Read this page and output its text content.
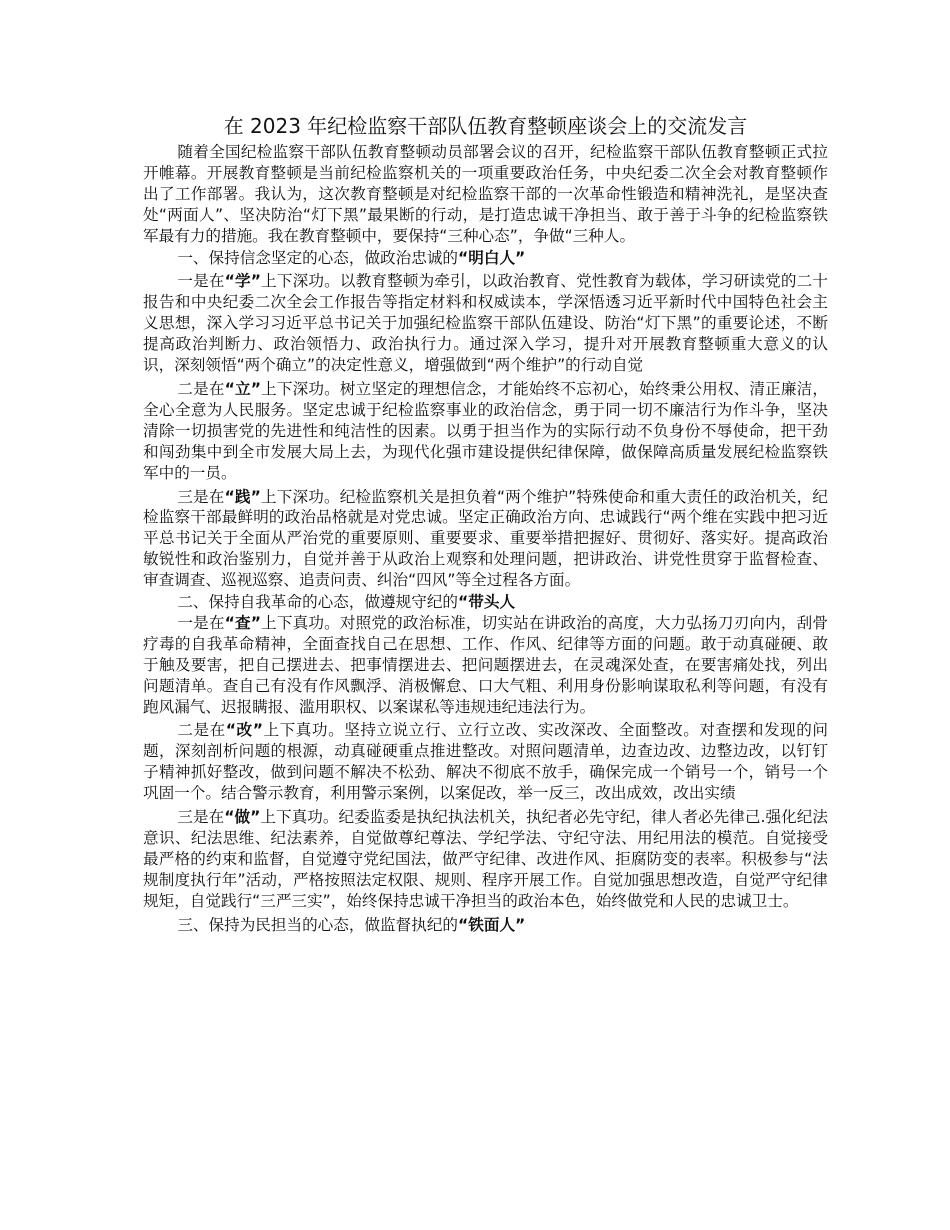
在 2023 年纪检监察干部队伍教育整顿座谈会上的交流发言

随着全国纪检监察干部队伍教育整顿动员部署会议的召开，纪检监察干部队伍教育整顿正式拉开帷幕。开展教育整顿是当前纪检监察机关的一项重要政治任务，中央纪委二次全会对教育整顿作出了工作部署。我认为，这次教育整顿是对纪检监察干部的一次革命性锻造和精神洗礼，是坚决查处“两面人”、坚决防治“灯下黑”最果断的行动，是打造忠诚干净担当、敢于善于斗争的纪检监察铁军最有力的措施。我在教育整顿中，要保持“三种心态”，争做“三种人。

一、保持信念坚定的心态，做政治忠诚的“明白人”

一是在“学”上下深功。以教育整顿为牵引，以政治教育、党性教育为载体，学习研读党的二十报告和中央纪委二次全会工作报告等指定材料和权威读本，学深悟透习近平新时代中国特色社会主义思想，深入学习习近平总书记关于加强纪检监察干部队伍建设、防治“灯下黑”的重要论述，不断提高政治判断力、政治领悟力、政治执行力。通过深入学习，提升对开展教育整顿重大意义的认识，深刻领悟“两个确立”的决定性意义，增强做到“两个维护”的行动自觉

二是在“立”上下深功。树立坚定的理想信念，才能始终不忘初心，始终秉公用权、清正廉洁，全心全意为人民服务。坚定忠诚于纪检监察事业的政治信念，勇于同一切不廉洁行为作斗争，坚决清除一切损害党的先进性和纯洁性的因素。以勇于担当作为的实际行动不负身份不辱使命，把干劲和闯劲集中到全市发展大局上去，为现代化强市建设提供纪律保障，做保障高质量发展纪检监察铁军中的一员。

三是在“践”上下深功。纪检监察机关是担负着“两个维护”特殊使命和重大责任的政治机关，纪检监察干部最鲜明的政治品格就是对党忠诚。坚定正确政治方向、忠诚践行“两个维在实践中把习近平总书记关于全面从严治党的重要原则、重要要求、重要举措把握好、贯彻好、落实好。提高政治敏锐性和政治鉴别力，自觉并善于从政治上观察和处理问题，把讲政治、讲党性贯穿于监督检查、审查调查、巡视巡察、追责问责、纠治“四风”等全过程各方面。

二、保持自我革命的心态，做遵规守纪的“带头人

一是在“查”上下真功。对照党的政治标准，切实站在讲政治的高度，大力弘扬刀刃向内，刮骨疗毒的自我革命精神，全面查找自己在思想、工作、作风、纪律等方面的问题。敢于动真碰硬、敢于触及要害，把自己摆进去、把事情摆进去、把问题摆进去，在灵魂深处查，在要害痛处找，列出问题清单。查自己有没有作风飘浮、消极懈怠、口大气粗、利用身份影响谋取私利等问题，有没有跑风漏气、迟报瞒报、滥用职权、以案谋私等违规违纪违法行为。

二是在“改”上下真功。坚持立说立行、立行立改、实改深改、全面整改。对查摆和发现的问题，深刻剖析问题的根源，动真碰硬重点推进整改。对照问题清单，边查边改、边整边改，以钉钉子精神抓好整改，做到问题不解决不松劲、解决不彻底不放手，确保完成一个销号一个，销号一个巩固一个。结合警示教育，利用警示案例，以案促改，举一反三，改出成效，改出实绩

三是在“做”上下真功。纪委监委是执纪执法机关，执纪者必先守纪，律人者必先律己.强化纪法意识、纪法思维、纪法素养，自觉做尊纪尊法、学纪学法、守纪守法、用纪用法的模范。自觉接受最严格的约束和监督，自觉遵守党纪国法，做严守纪律、改进作风、拒腐防变的表率。积极参与“法规制度执行年”活动，严格按照法定权限、规则、程序开展工作。自觉加强思想改造，自觉严守纪律规矩，自觉践行“三严三实”，始终保持忠诚干净担当的政治本色，始终做党和人民的忠诚卫士。

三、保持为民担当的心态，做监督执纪的“铁面人”
